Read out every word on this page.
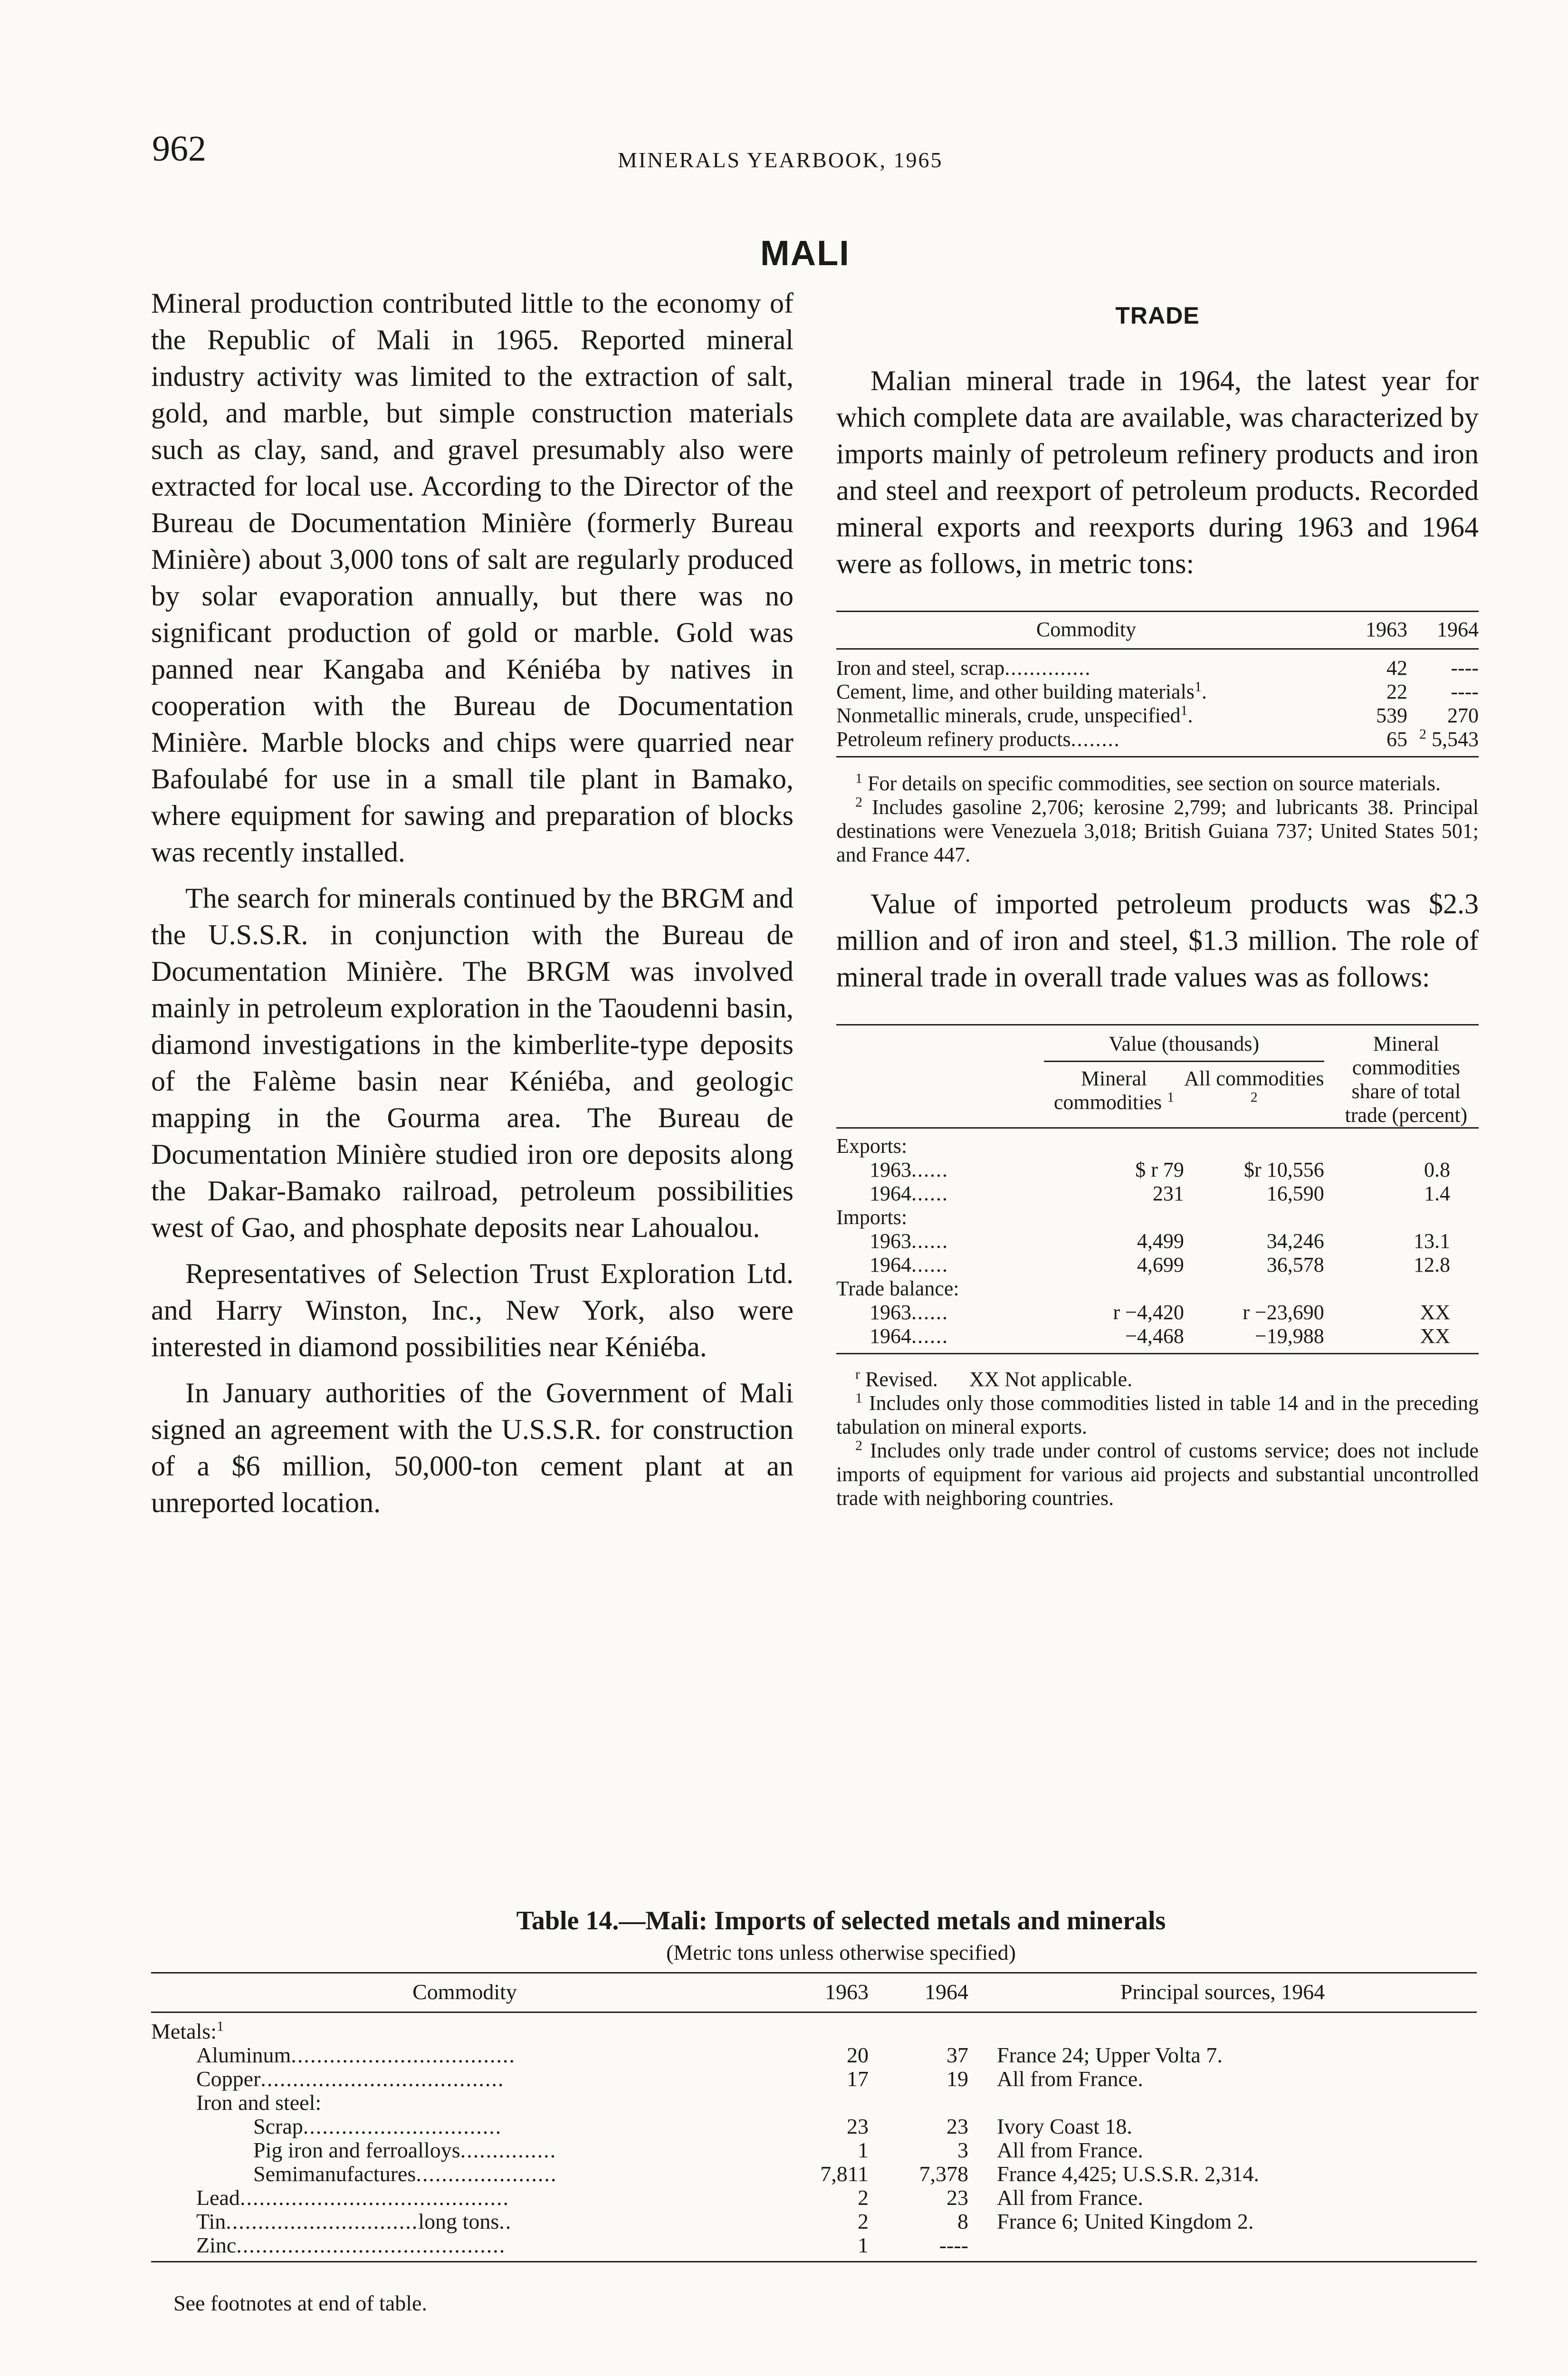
962	MINERALS YEARBOOK, 1965
MALI

Mineral production contributed little to the economy of the Republic of Mali in 1965. Reported mineral industry activity was limited to the extraction of salt, gold, and marble, but simple construction materials such as clay, sand, and gravel presumably also were extracted for local use. According to the Director of the Bureau de Documentation Minière (formerly Bureau Minière) about 3,000 tons of salt are regularly produced by solar evaporation annually, but there was no significant production of gold or marble. Gold was panned near Kangaba and Kéniéba by natives in cooperation with the Bureau de Documentation Minière. Marble blocks and chips were quarried near Bafoulabé for use in a small tile plant in Bamako, where equipment for sawing and preparation of blocks was recently installed.

The search for minerals continued by the BRGM and the U.S.S.R. in conjunction with the Bureau de Documentation Minière. The BRGM was involved mainly in petroleum exploration in the Taoudenni basin, diamond investigations in the kimberlite-type deposits of the Falème basin near Kéniéba, and geologic mapping in the Gourma area. The Bureau de Documentation Minière studied iron ore deposits along the Dakar-Bamako railroad, petroleum possibilities west of Gao, and phosphate deposits near Lahoualou.

Representatives of Selection Trust Exploration Ltd. and Harry Winston, Inc., New York, also were interested in diamond possibilities near Kéniéba.

In January authorities of the Government of Mali signed an agreement with the U.S.S.R. for construction of a $6 million, 50,000-ton cement plant at an unreported location.

TRADE

Malian mineral trade in 1964, the latest year for which complete data are available, was characterized by imports mainly of petroleum refinery products and iron and steel and reexport of petroleum products. Recorded mineral exports and reexports during 1963 and 1964 were as follows, in metric tons:

Commodity	1963	1964
Iron and steel, scrap..............	42	----
Cement, lime, and other building materials$^1$.	22	----
Nonmetallic minerals, crude, unspecified$^1$.	539	270
Petroleum refinery products........	65	$^2$ 5,543

$^1$ For details on specific commodities, see section on source materials.

$^2$ Includes gasoline 2,706; kerosine 2,799; and lubricants 38. Principal destinations were Venezuela 3,018; British Guiana 737; United States 501; and France 447.

Value of imported petroleum products was $2.3 million and of iron and steel, $1.3 million. The role of mineral trade in overall trade values was as follows:

	Value (thousands)		Mineral commodities share of total trade (percent)
	Mineral commodities $^1$	All commodities $^2$
Exports:			
1963......	$ r 79	$r 10,556	0.8
1964......	231	16,590	1.4
Imports:			
1963......	4,499	34,246	13.1
1964......	4,699	36,578	12.8
Trade balance:			
1963......	r −4,420	r −23,690	XX
1964......	−4,468	−19,988	XX

$^r$ Revised.      XX Not applicable.

$^1$ Includes only those commodities listed in table 14 and in the preceding tabulation on mineral exports.

$^2$ Includes only trade under control of customs service; does not include imports of equipment for various aid projects and substantial uncontrolled trade with neighboring countries.

Table 14.—Mali: Imports of selected metals and minerals
(Metric tons unless otherwise specified)
Commodity	1963	1964	Principal sources, 1964
Metals:$^1$
Aluminum...................................	20	37	France 24; Upper Volta 7.
Copper......................................	17	19	All from France.
Iron and steel:			
Scrap...............................	23	23	Ivory Coast 18.
Pig iron and ferroalloys...............	1	3	All from France.
Semimanufactures......................	7,811	7,378	France 4,425; U.S.S.R. 2,314.
Lead..........................................	2	23	All from France.
Tin..............................long tons..	2	8	France 6; United Kingdom 2.
Zinc..........................................	1	----	
See footnotes at end of table.
